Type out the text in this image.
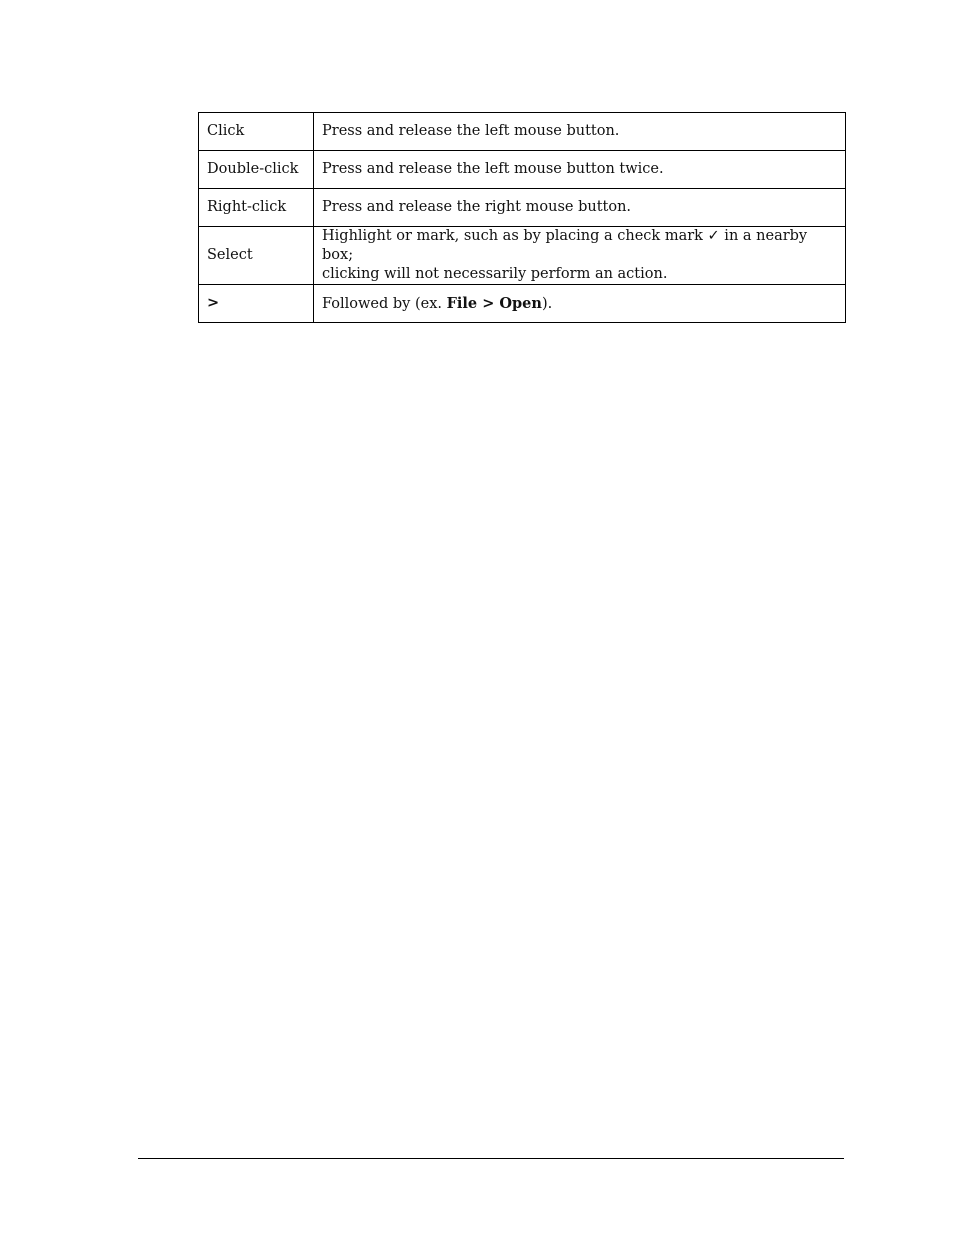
Click	Press and release the left mouse button.
Double-click	Press and release the left mouse button twice.
Right-click	Press and release the right mouse button.
Select	Highlight or mark, such as by placing a check mark ✓ in a nearby box;
clicking will not necessarily perform an action.
>	Followed by (ex. File > Open).
